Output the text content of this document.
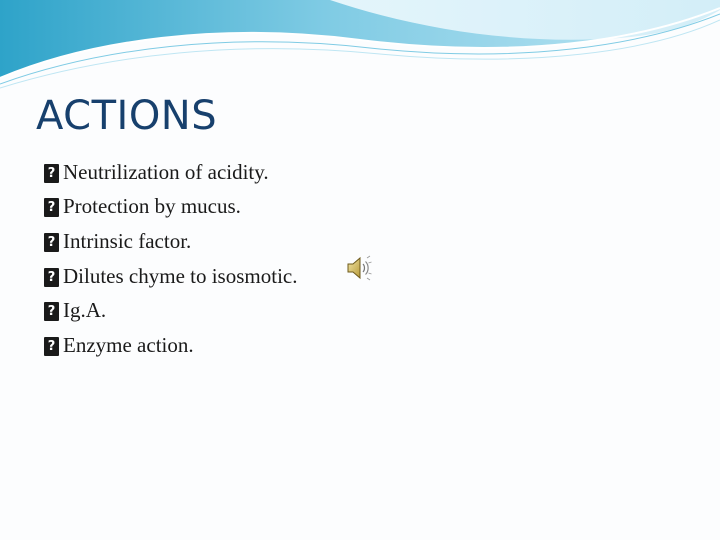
ACTIONS
?
Neutrilization of acidity.
?
Protection by mucus.
?
Intrinsic factor.
?
Dilutes chyme to isosmotic.
?
Ig.A.
?
Enzyme action.
